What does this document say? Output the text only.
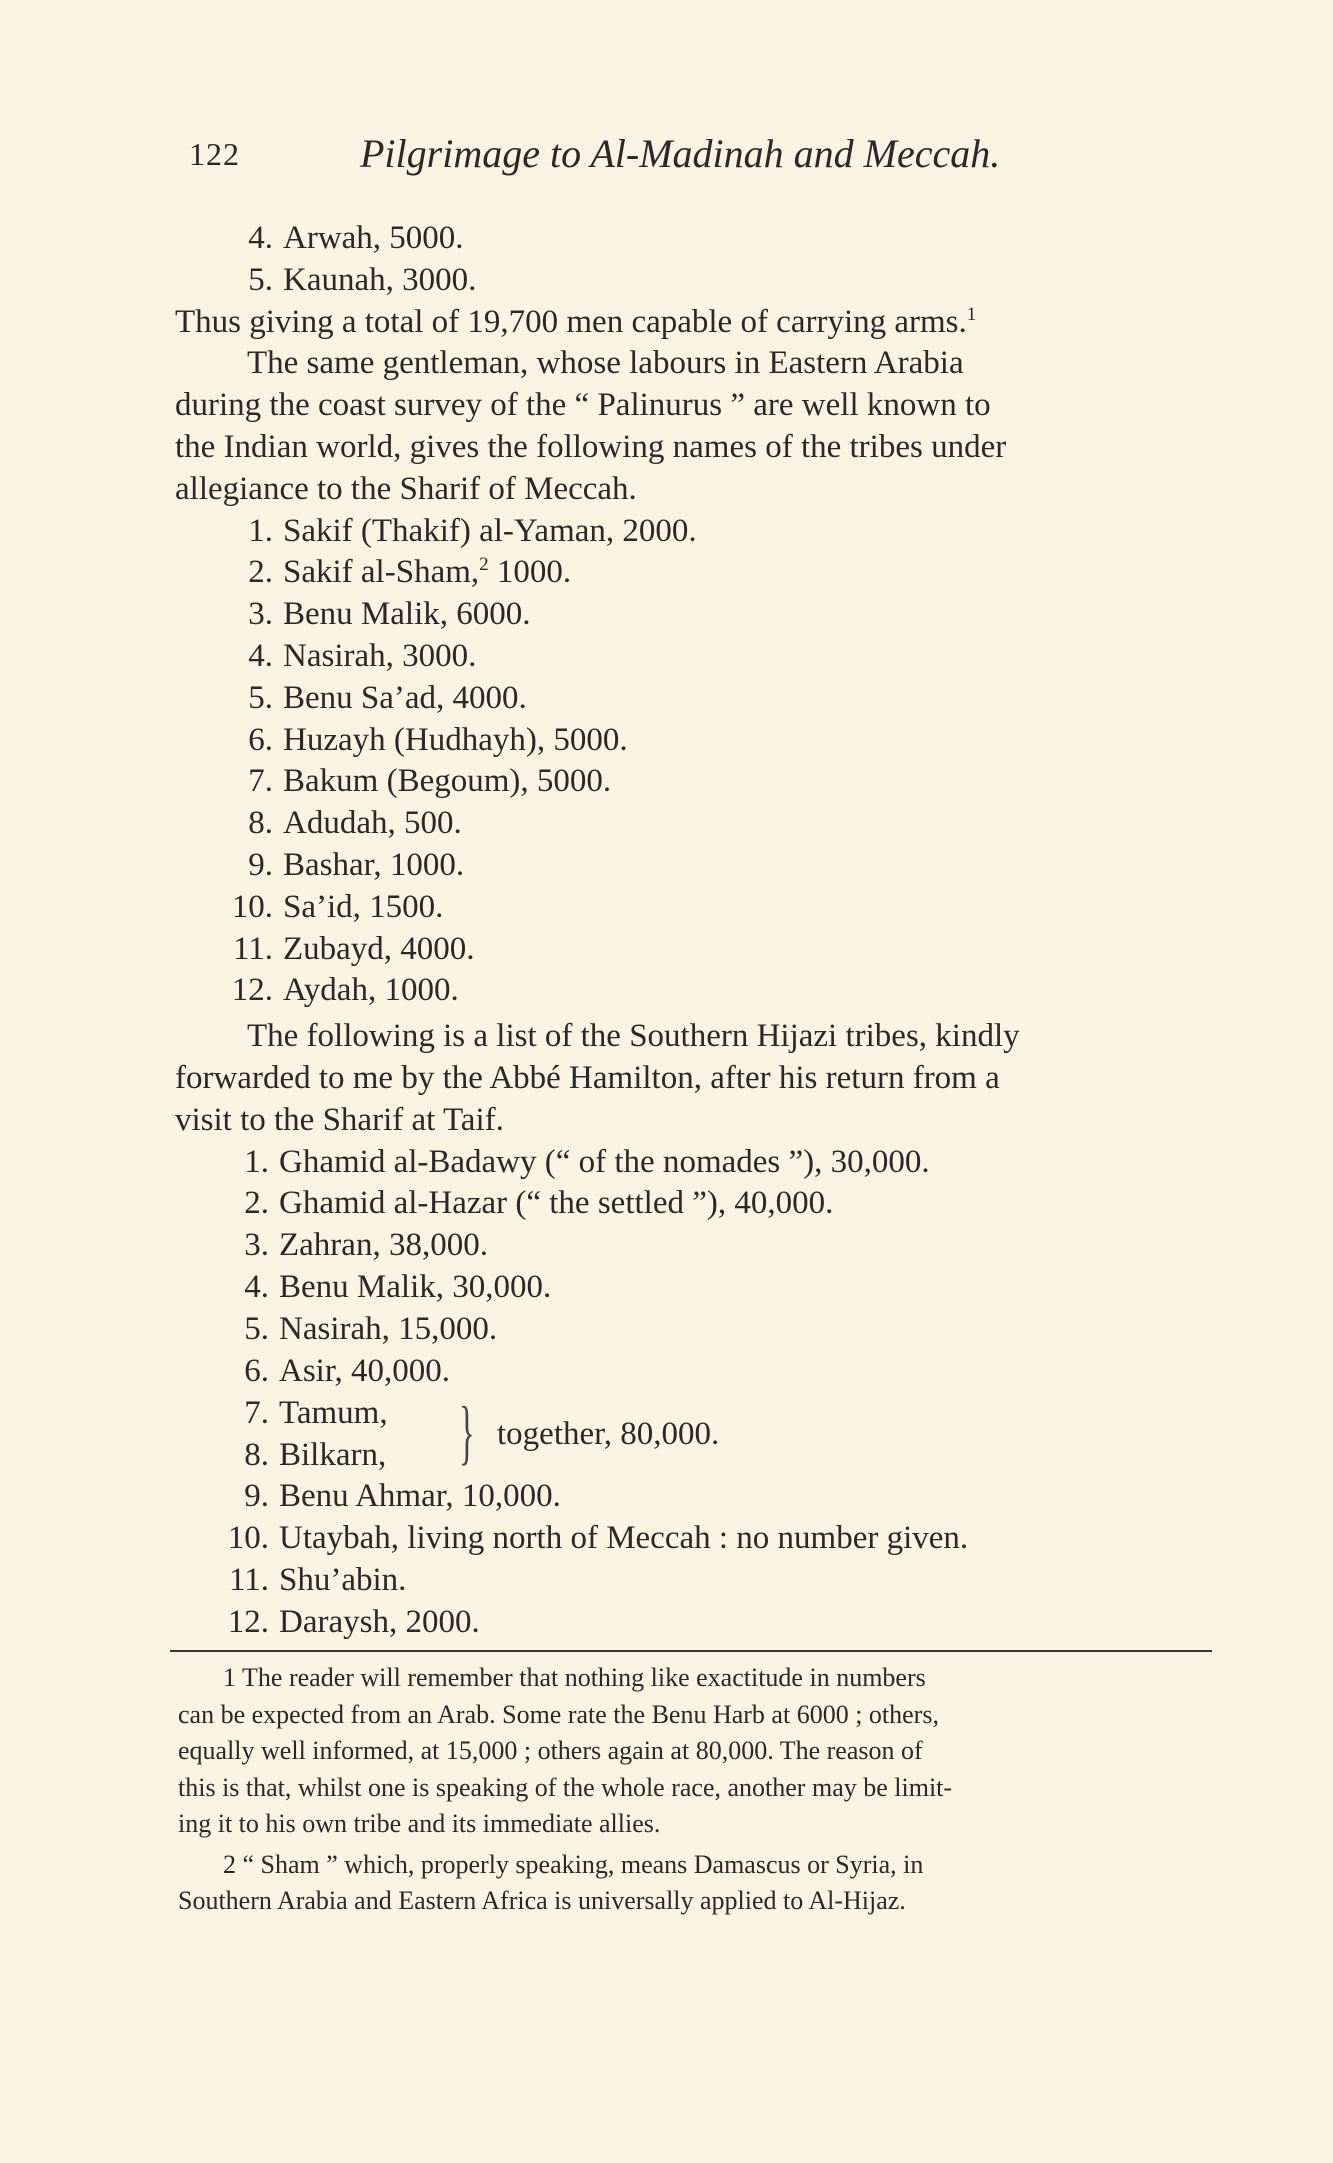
122	Pilgrimage to Al-Madinah and Meccah.
4. Arwah, 5000.
5. Kaunah, 3000.
Thus giving a total of 19,700 men capable of carrying arms.$^1$
The same gentleman, whose labours in Eastern Arabia
during the coast survey of the “ Palinurus ” are well known to
the Indian world, gives the following names of the tribes under
allegiance to the Sharif of Meccah.
1. Sakif (Thakif) al-Yaman, 2000.
2. Sakif al-Sham,$^2$ 1000.
3. Benu Malik, 6000.
4. Nasirah, 3000.
5. Benu Sa’ad, 4000.
6. Huzayh (Hudhayh), 5000.
7. Bakum (Begoum), 5000.
8. Adudah, 500.
9. Bashar, 1000.
10. Sa’id, 1500.
11. Zubayd, 4000.
12. Aydah, 1000.
The following is a list of the Southern Hijazi tribes, kindly
forwarded to me by the Abbé Hamilton, after his return from a
visit to the Sharif at Taif.
1. Ghamid al-Badawy (“ of the nomades ”), 30,000.
2. Ghamid al-Hazar (“ the settled ”), 40,000.
3. Zahran, 38,000.
4. Benu Malik, 30,000.
5. Nasirah, 15,000.
6. Asir, 40,000.
7. Tamum,
8. Bilkarn, } together, 80,000.
9. Benu Ahmar, 10,000.
10. Utaybah, living north of Meccah : no number given.
11. Shu’abin.
12. Daraysh, 2000.
1 The reader will remember that nothing like exactitude in numbers
can be expected from an Arab. Some rate the Benu Harb at 6000 ; others,
equally well informed, at 15,000 ; others again at 80,000. The reason of
this is that, whilst one is speaking of the whole race, another may be limit-
ing it to his own tribe and its immediate allies.
2 “ Sham ” which, properly speaking, means Damascus or Syria, in
Southern Arabia and Eastern Africa is universally applied to Al-Hijaz.
